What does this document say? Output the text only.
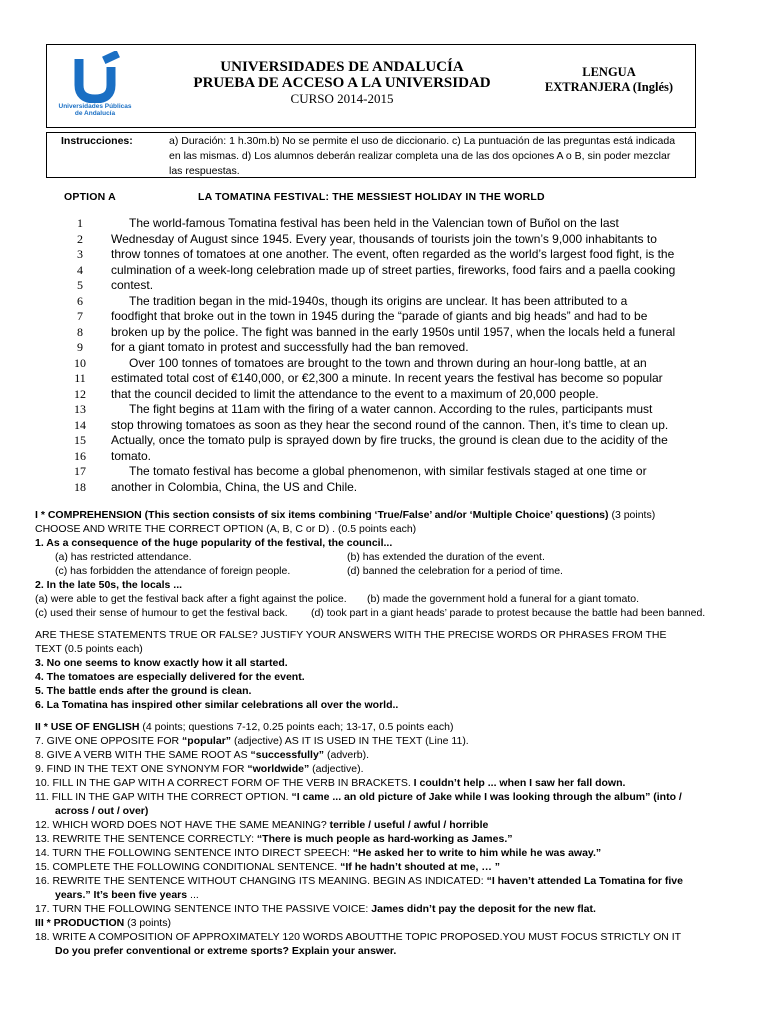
Universidades Públicas de Andalucía
UNIVERSIDADES DE ANDALUCÍA
PRUEBA DE ACCESO A LA UNIVERSIDAD
CURSO 2014-2015
LENGUA
EXTRANJERA (Inglés)
Instrucciones:	a) Duración: 1 h.30m.b) No se permite el uso de diccionario. c) La puntuación de las preguntas está indicada en las mismas. d) Los alumnos deberán realizar completa una de las dos opciones A o B, sin poder mezclar las respuestas.
OPTION A	LA TOMATINA FESTIVAL: THE MESSIEST HOLIDAY IN THE WORLD
1	The world-famous Tomatina festival has been held in the Valencian town of Buñol on the last
2	Wednesday of August since 1945. Every year, thousands of tourists join the town’s 9,000 inhabitants to
3	throw tonnes of tomatoes at one another. The event, often regarded as the world’s largest food fight, is the
4	culmination of a week-long celebration made up of street parties, fireworks, food fairs and a paella cooking
5	contest.
6	The tradition began in the mid-1940s, though its origins are unclear. It has been attributed to a
7	foodfight that broke out in the town in 1945 during the “parade of giants and big heads” and had to be
8	broken up by the police. The fight was banned in the early 1950s until 1957, when the locals held a funeral
9	for a giant tomato in protest and successfully had the ban removed.
10	Over 100 tonnes of tomatoes are brought to the town and thrown during an hour-long battle, at an
11	estimated total cost of €140,000, or €2,300 a minute. In recent years the festival has become so popular
12	that the council decided to limit the attendance to the event to a maximum of 20,000 people.
13	The fight begins at 11am with the firing of a water cannon. According to the rules, participants must
14	stop throwing tomatoes as soon as they hear the second round of the cannon. Then, it’s time to clean up.
15	Actually, once the tomato pulp is sprayed down by fire trucks, the ground is clean due to the acidity of the
16	tomato.
17	The tomato festival has become a global phenomenon, with similar festivals staged at one time or
18	another in Colombia, China, the US and Chile.
I * COMPREHENSION (This section consists of six items combining ‘True/False’ and/or ‘Multiple Choice’ questions) (3 points)
CHOOSE AND WRITE THE CORRECT OPTION (A, B, C or D) . (0.5 points each)
1. As a consequence of the huge popularity of the festival, the council...
(a) has restricted attendance.	(b) has extended the duration of the event.
(c) has forbidden the attendance of foreign people.	(d) banned the celebration for a period of time.
2. In the late 50s, the locals ...
(a) were able to get the festival back after a fight against the police. (b) made the government hold a funeral for a giant tomato.
(c) used their sense of humour to get the festival back. (d) took part in a giant heads’ parade to protest because the battle had been banned.
ARE THESE STATEMENTS TRUE OR FALSE? JUSTIFY YOUR ANSWERS WITH THE PRECISE WORDS OR PHRASES FROM THE
TEXT (0.5 points each)
3. No one seems to know exactly how it all started.
4. The tomatoes are especially delivered for the event.
5. The battle ends after the ground is clean.
6. La Tomatina has inspired other similar celebrations all over the world..
II * USE OF ENGLISH (4 points; questions 7-12, 0.25 points each; 13-17, 0.5 points each)
7. GIVE ONE OPPOSITE FOR “popular” (adjective) AS IT IS USED IN THE TEXT (Line 11).
8. GIVE A VERB WITH THE SAME ROOT AS “successfully” (adverb).
9. FIND IN THE TEXT ONE SYNONYM FOR “worldwide” (adjective).
10. FILL IN THE GAP WITH A CORRECT FORM OF THE VERB IN BRACKETS. I couldn’t help ... when I saw her fall down.
11. FILL IN THE GAP WITH THE CORRECT OPTION. “I came ... an old picture of Jake while I was looking through the album” (into /
across / out / over)
12. WHICH WORD DOES NOT HAVE THE SAME MEANING? terrible / useful / awful / horrible
13. REWRITE THE SENTENCE CORRECTLY: “There is much people as hard-working as James.”
14. TURN THE FOLLOWING SENTENCE INTO DIRECT SPEECH: “He asked her to write to him while he was away.”
15. COMPLETE THE FOLLOWING CONDITIONAL SENTENCE. “If he hadn’t shouted at me, … ”
16. REWRITE THE SENTENCE WITHOUT CHANGING ITS MEANING. BEGIN AS INDICATED: “I haven’t attended La Tomatina for five
years.” It’s been five years ...
17. TURN THE FOLLOWING SENTENCE INTO THE PASSIVE VOICE: James didn’t pay the deposit for the new flat.
III * PRODUCTION (3 points)
18. WRITE A COMPOSITION OF APPROXIMATELY 120 WORDS ABOUTTHE TOPIC PROPOSED.YOU MUST FOCUS STRICTLY ON IT
Do you prefer conventional or extreme sports? Explain your answer.
